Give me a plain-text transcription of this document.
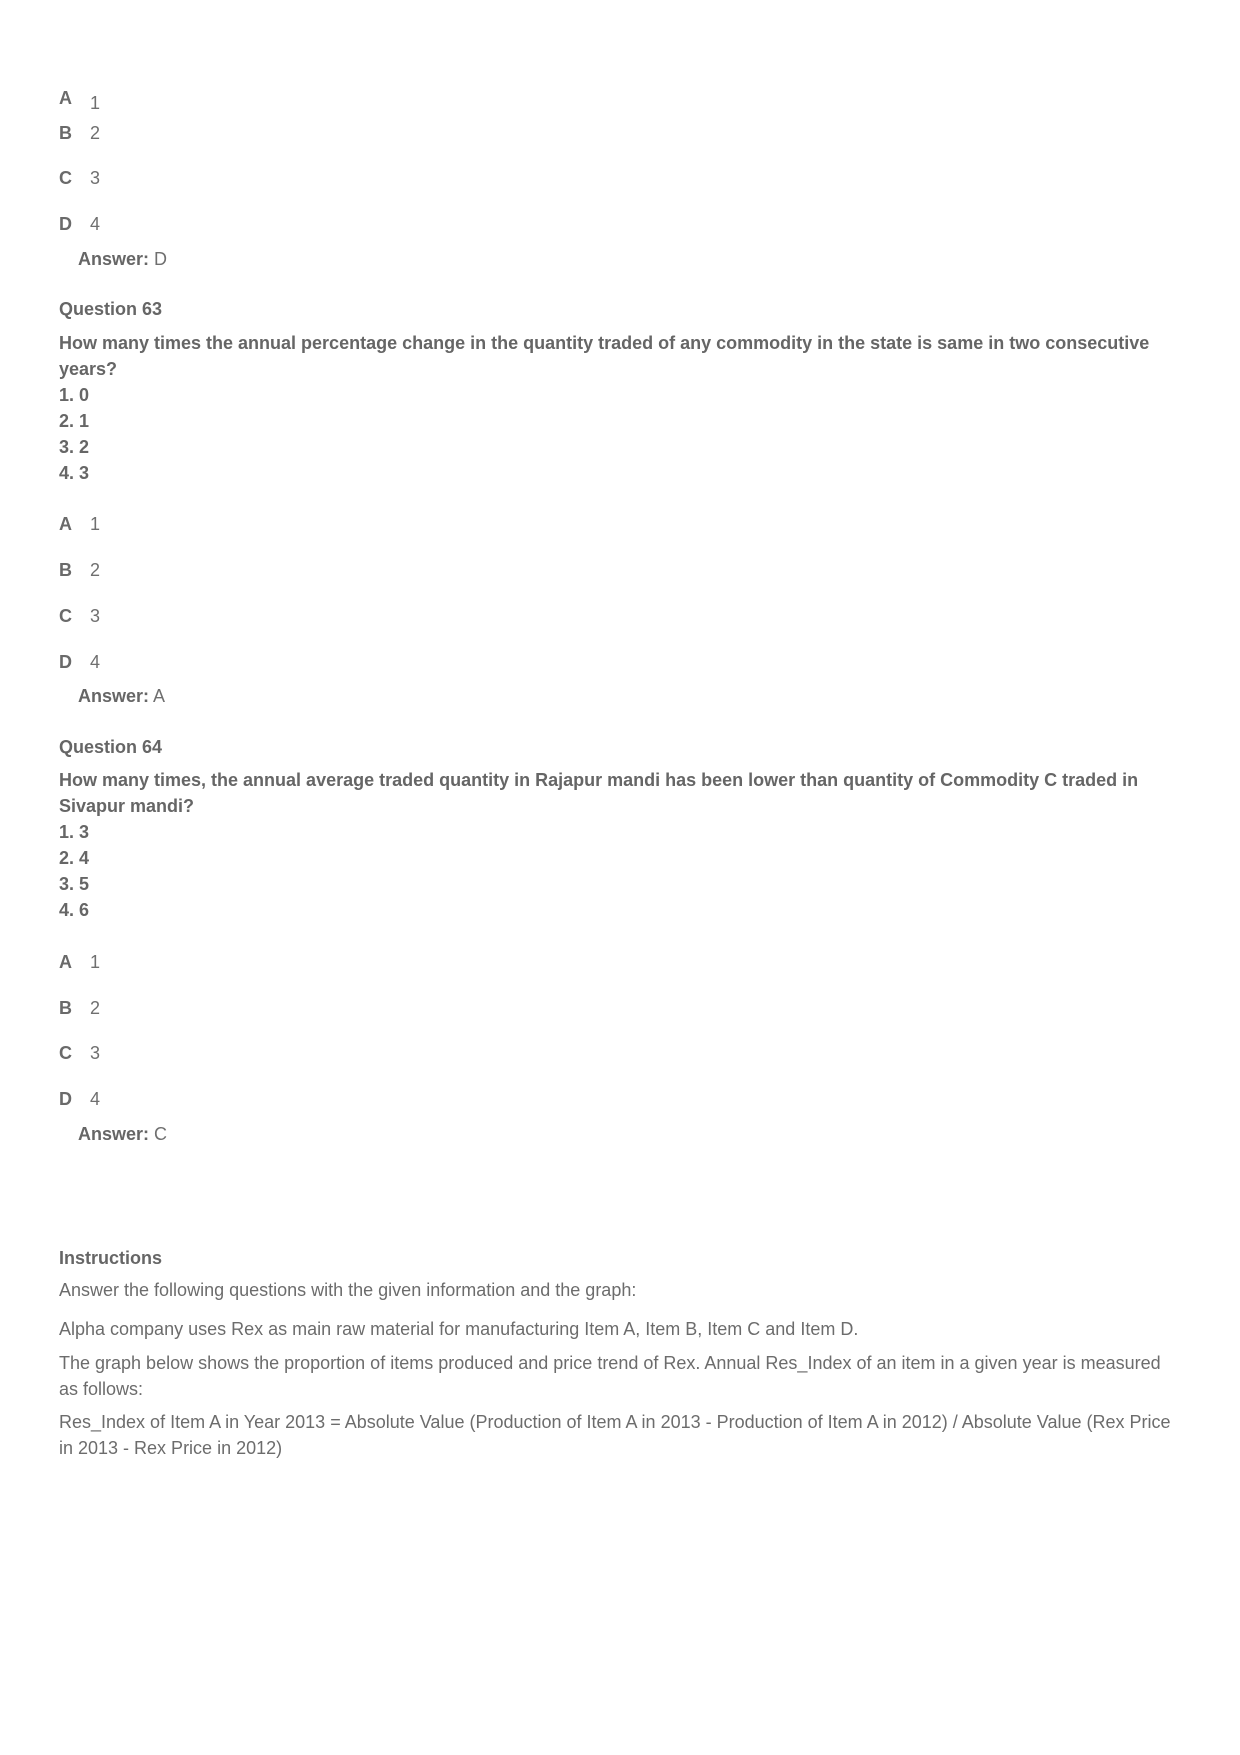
A	1
B	2
C	3
D	4
Answer: D
Question 63
How many times the annual percentage change in the quantity traded of any commodity in the state is same in two consecutive years?
1. 0
2. 1
3. 2
4. 3
A	1
B	2
C	3
D	4
Answer: A
Question 64
How many times, the annual average traded quantity in Rajapur mandi has been lower than quantity of Commodity C traded in Sivapur mandi?
1. 3
2. 4
3. 5
4. 6
A	1
B	2
C	3
D	4
Answer: C
Instructions
Answer the following questions with the given information and the graph:
Alpha company uses Rex as main raw material for manufacturing Item A, Item B, Item C and Item D.
The graph below shows the proportion of items produced and price trend of Rex. Annual Res_Index of an item in a given year is measured as follows:
Res_Index of Item A in Year 2013 = Absolute Value (Production of Item A in 2013 - Production of Item A in 2012) / Absolute Value (Rex Price in 2013 - Rex Price in 2012)
